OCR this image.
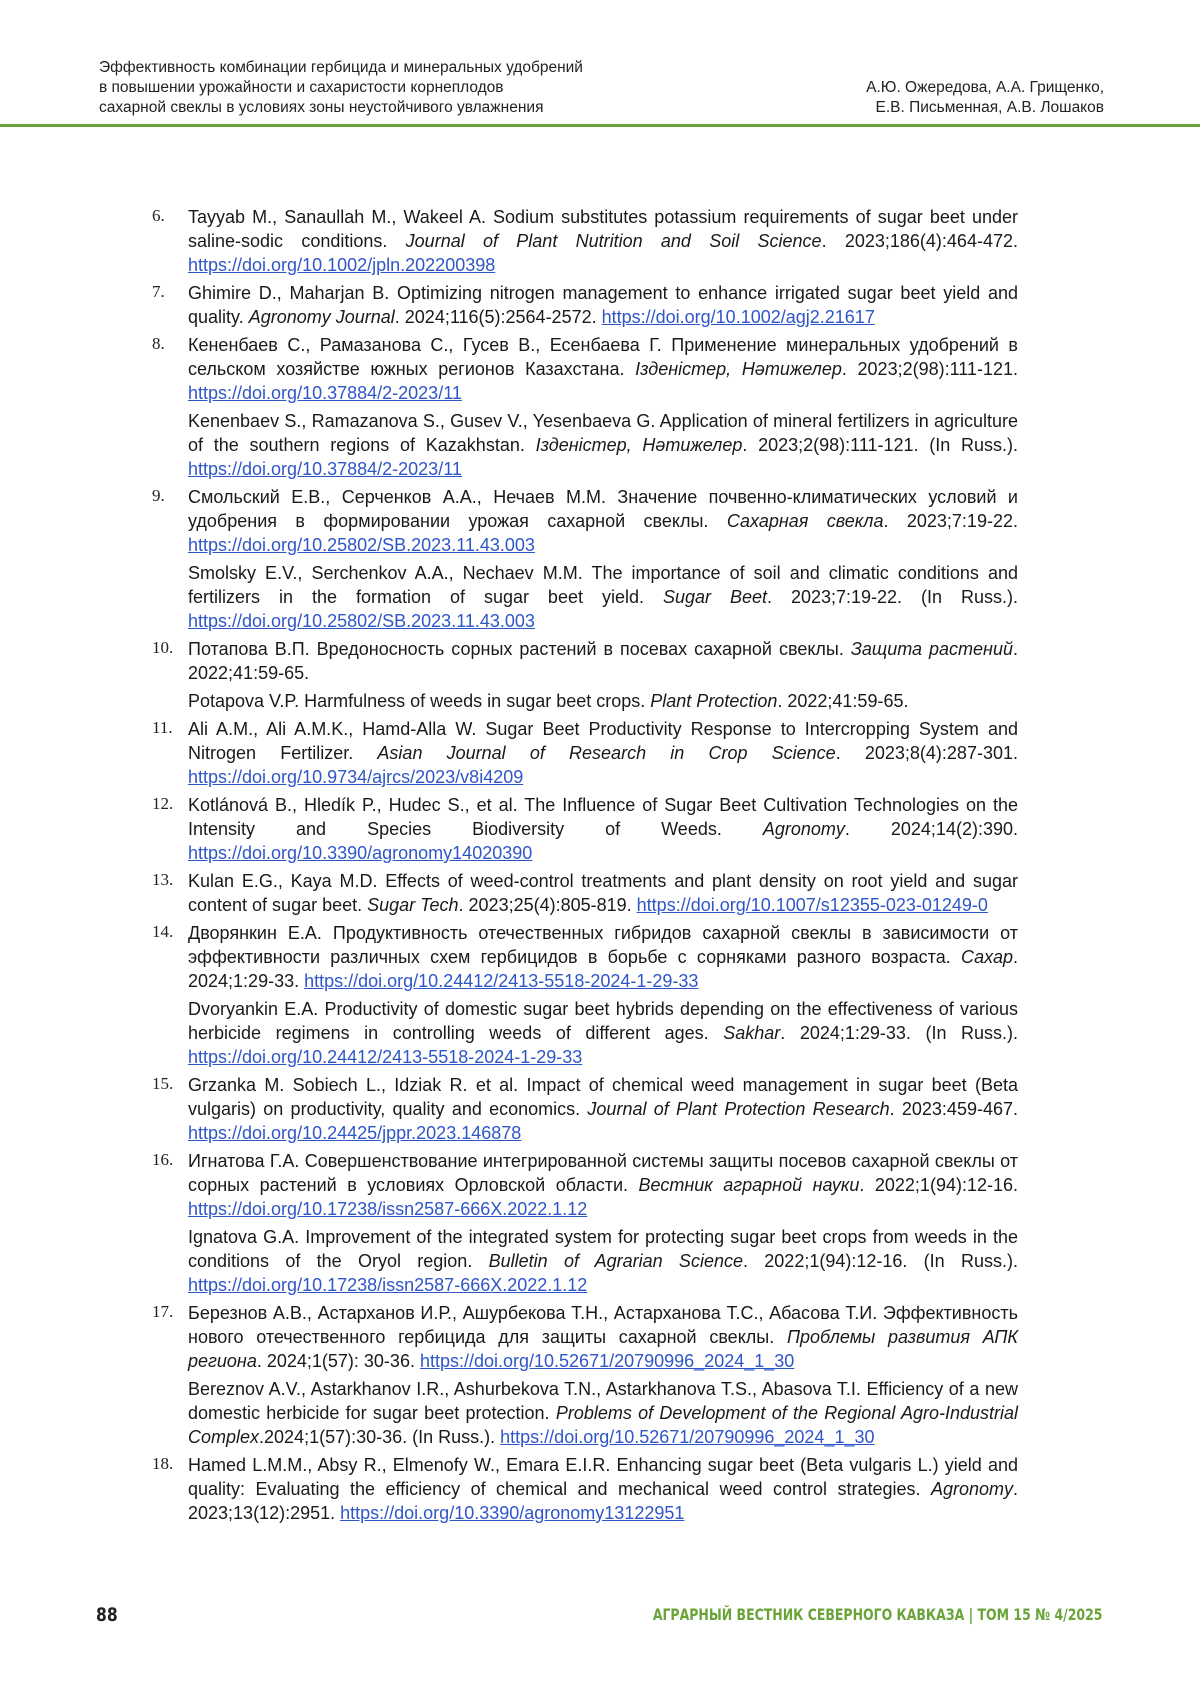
Эффективность комбинации гербицида и минеральных удобрений
в повышении урожайности и сахаристости корнеплодов
сахарной свеклы в условиях зоны неустойчивого увлажнения
А.Ю. Ожередова, А.А. Грищенко,
Е.В. Письменная, А.В. Лошаков
6. Tayyab M., Sanaullah M., Wakeel A. Sodium substitutes potassium requirements of sugar beet under saline-sodic conditions. Journal of Plant Nutrition and Soil Science. 2023;186(4):464-472. https://doi.org/10.1002/jpln.202200398

7. Ghimire D., Maharjan B. Optimizing nitrogen management to enhance irrigated sugar beet yield and quality. Agronomy Journal. 2024;116(5):2564-2572. https://doi.org/10.1002/agj2.21617

8. Кененбаев С., Рамазанова С., Гусев В., Есенбаева Г. Применение минеральных удобрений в сельском хозяйстве южных регионов Казахстана. Ізденістер, Нәтижелер. 2023;2(98):111-121. https://doi.org/10.37884/2-2023/11

Kenenbaev S., Ramazanova S., Gusev V., Yesenbaeva G. Application of mineral fertilizers in agriculture of the southern regions of Kazakhstan. Ізденістер, Нәтижелер. 2023;2(98):111-121. (In Russ.). https://doi.org/10.37884/2-2023/11

9. Смольский Е.В., Серченков А.А., Нечаев М.М. Значение почвенно-климатических условий и удобрения в формировании урожая сахарной свеклы. Сахарная свекла. 2023;7:19-22. https://doi.org/10.25802/SB.2023.11.43.003

Smolsky E.V., Serchenkov A.A., Nechaev M.M. The importance of soil and climatic conditions and fertilizers in the formation of sugar beet yield. Sugar Beet. 2023;7:19-22. (In Russ.). https://doi.org/10.25802/SB.2023.11.43.003

10. Потапова В.П. Вредоносность сорных растений в посевах сахарной свеклы. Защита растений. 2022;41:59-65.

Potapova V.P. Harmfulness of weeds in sugar beet crops. Plant Protection. 2022;41:59-65.

11. Ali A.M., Ali A.M.K., Hamd-Alla W. Sugar Beet Productivity Response to Intercropping System and Nitrogen Fertilizer. Asian Journal of Research in Crop Science. 2023;8(4):287-301. https://doi.org/10.9734/ajrcs/2023/v8i4209

12. Kotlánová B., Hledík P., Hudec S., et al. The Influence of Sugar Beet Cultivation Technologies on the Intensity and Species Biodiversity of Weeds. Agronomy. 2024;14(2):390. https://doi.org/10.3390/agronomy14020390

13. Kulan E.G., Kaya M.D. Effects of weed-control treatments and plant density on root yield and sugar content of sugar beet. Sugar Tech. 2023;25(4):805-819. https://doi.org/10.1007/s12355-023-01249-0

14. Дворянкин Е.А. Продуктивность отечественных гибридов сахарной свеклы в зависимости от эффективности различных схем гербицидов в борьбе с сорняками разного возраста. Сахар. 2024;1:29-33. https://doi.org/10.24412/2413-5518-2024-1-29-33

Dvoryankin E.A. Productivity of domestic sugar beet hybrids depending on the effectiveness of various herbicide regimens in controlling weeds of different ages. Sakhar. 2024;1:29-33. (In Russ.). https://doi.org/10.24412/2413-5518-2024-1-29-33

15. Grzanka M. Sobiech L., Idziak R. et al. Impact of chemical weed management in sugar beet (Beta vulgaris) on productivity, quality and economics. Journal of Plant Protection Research. 2023:459-467. https://doi.org/10.24425/jppr.2023.146878

16. Игнатова Г.А. Совершенствование интегрированной системы защиты посевов сахарной свеклы от сорных растений в условиях Орловской области. Вестник аграрной науки. 2022;1(94):12-16. https://doi.org/10.17238/issn2587-666X.2022.1.12

Ignatova G.A. Improvement of the integrated system for protecting sugar beet crops from weeds in the conditions of the Oryol region. Bulletin of Agrarian Science. 2022;1(94):12-16. (In Russ.). https://doi.org/10.17238/issn2587-666X.2022.1.12

17. Березнов А.В., Астарханов И.Р., Ашурбекова Т.Н., Астарханова Т.С., Абасова Т.И. Эффективность нового отечественного гербицида для защиты сахарной свеклы. Проблемы развития АПК региона. 2024;1(57): 30-36. https://doi.org/10.52671/20790996_2024_1_30

Bereznov A.V., Astarkhanov I.R., Ashurbekova T.N., Astarkhanova T.S., Abasova T.I. Efficiency of a new domestic herbicide for sugar beet protection. Problems of Development of the Regional Agro-Industrial Complex.2024;1(57):30-36. (In Russ.). https://doi.org/10.52671/20790996_2024_1_30

18. Hamed L.M.M., Absy R., Elmenofy W., Emara E.I.R. Enhancing sugar beet (Beta vulgaris L.) yield and quality: Evaluating the efficiency of chemical and mechanical weed control strategies. Agronomy. 2023;13(12):2951. https://doi.org/10.3390/agronomy13122951

88	АГРАРНЫЙ ВЕСТНИК СЕВЕРНОГО КАВКАЗА | ТОМ 15 № 4/2025
